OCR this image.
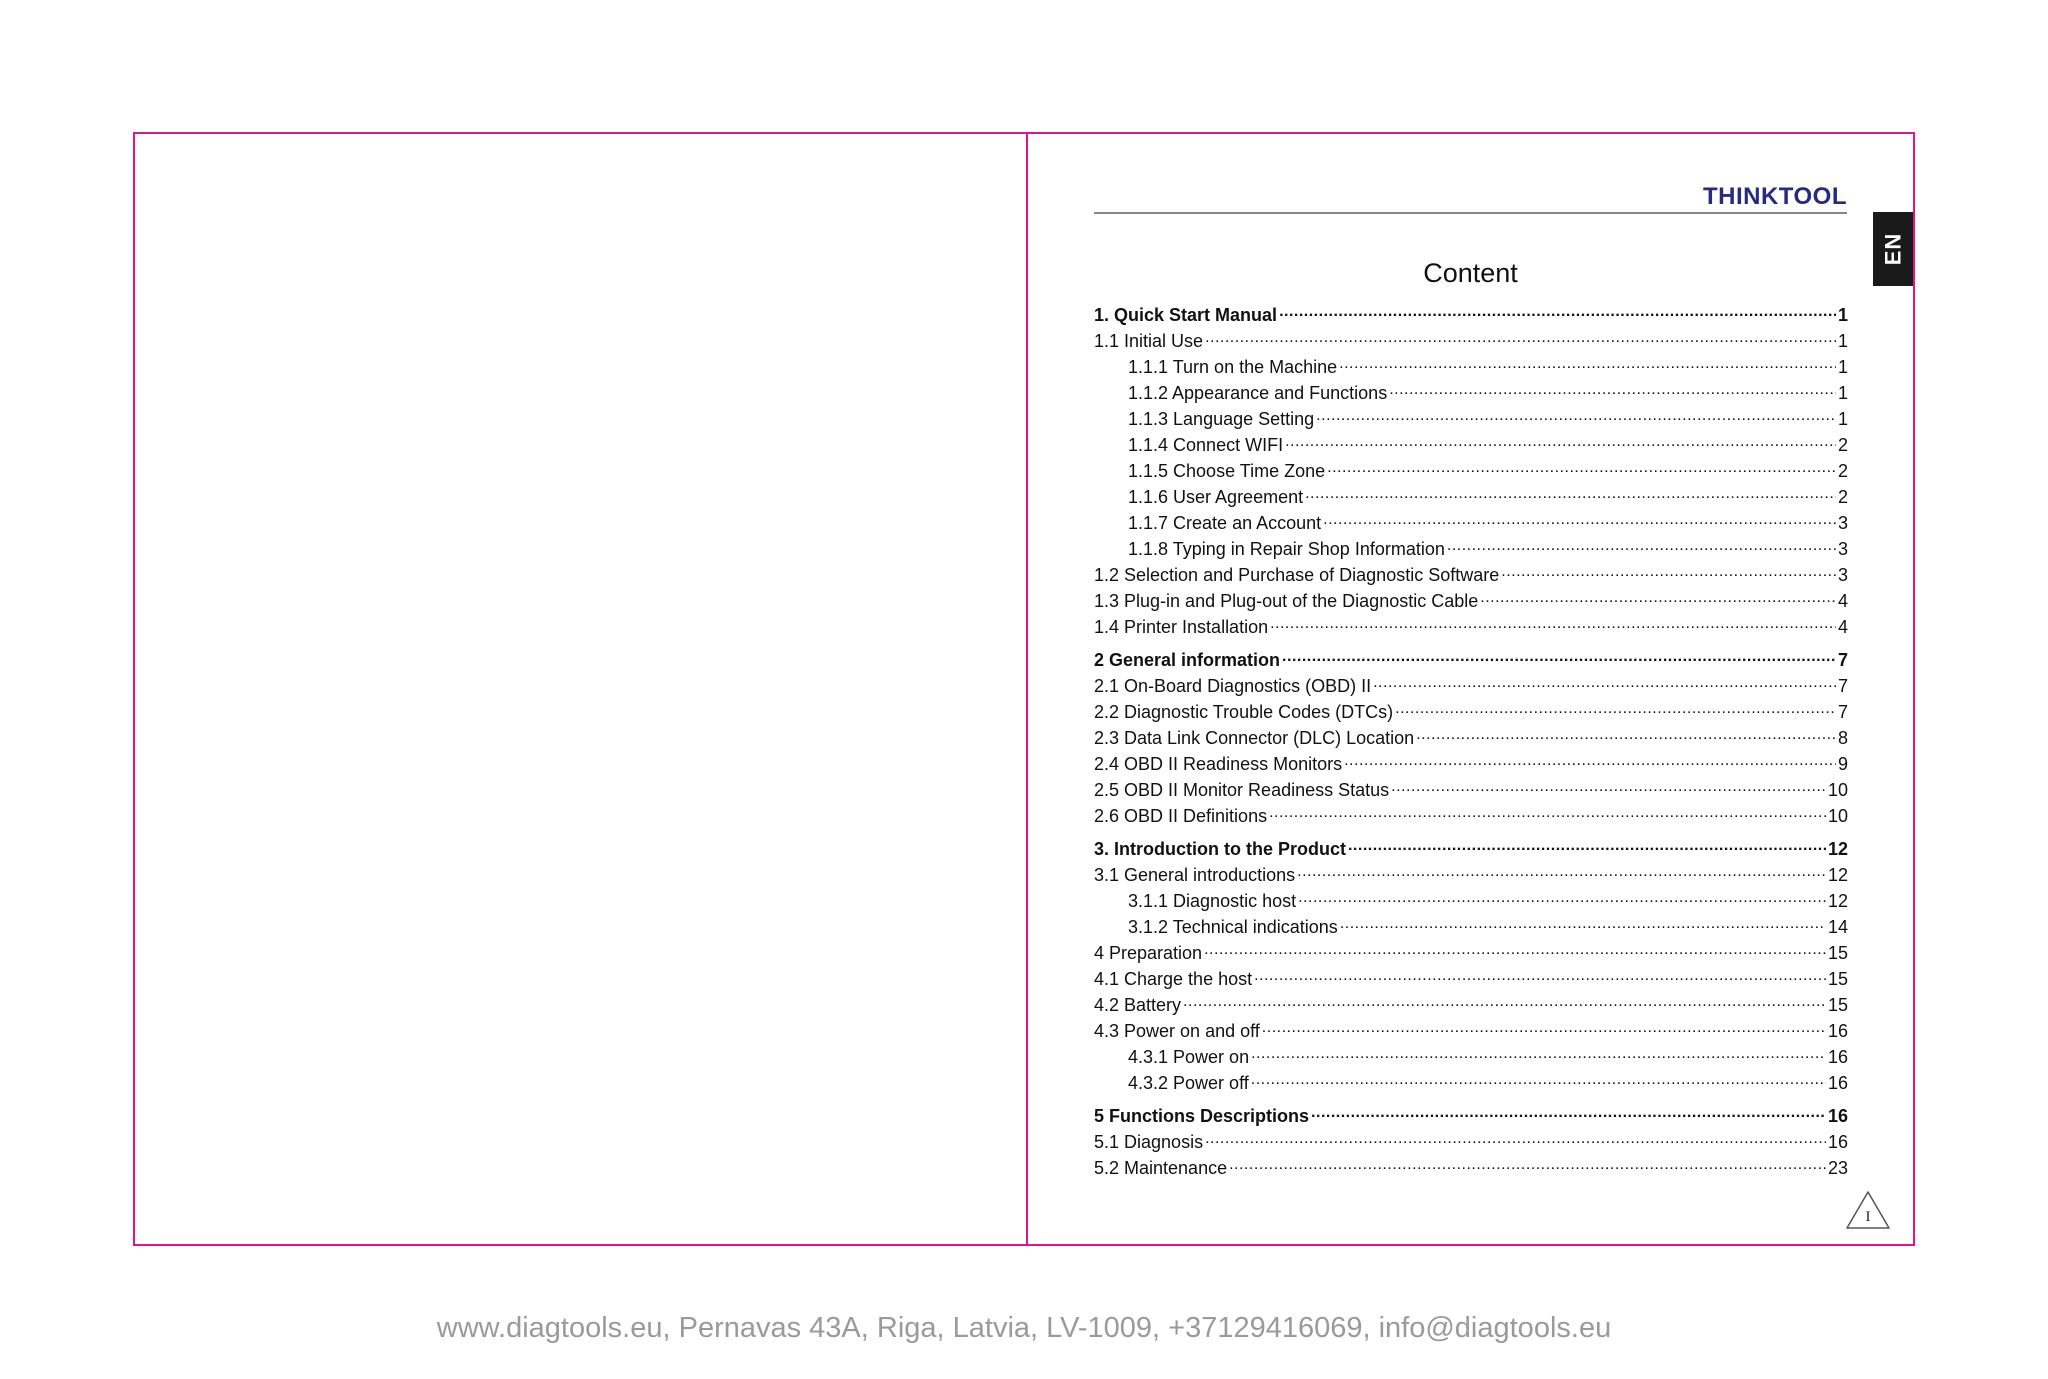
THINKTOOL
EN
Content
1. Quick Start Manual .....	1
1.1 Initial Use .....	1
1.1.1 Turn on the Machine .....	1
1.1.2 Appearance and Functions .....	1
1.1.3 Language Setting .....	1
1.1.4 Connect WIFI .....	2
1.1.5 Choose Time Zone .....	2
1.1.6 User Agreement .....	2
1.1.7 Create an Account .....	3
1.1.8 Typing in Repair Shop Information .....	3
1.2 Selection and Purchase of Diagnostic Software .....	3
1.3 Plug-in and Plug-out of the Diagnostic Cable .....	4
1.4 Printer Installation .....	4
2 General information .....	7
2.1 On-Board Diagnostics (OBD) II .....	7
2.2 Diagnostic Trouble Codes (DTCs) .....	7
2.3 Data Link Connector (DLC) Location .....	8
2.4 OBD II Readiness Monitors .....	9
2.5 OBD II Monitor Readiness Status .....	10
2.6 OBD II Definitions .....	10
3. Introduction to the Product .....	12
3.1 General introductions .....	12
3.1.1 Diagnostic host .....	12
3.1.2 Technical indications .....	14
4 Preparation .....	15
4.1 Charge the host .....	15
4.2 Battery .....	15
4.3 Power on and off .....	16
4.3.1 Power on .....	16
4.3.2 Power off .....	16
5 Functions Descriptions .....	16
5.1 Diagnosis .....	16
5.2 Maintenance .....	23
I
www.diagtools.eu, Pernavas 43A, Riga, Latvia, LV-1009, +37129416069, info@diagtools.eu
